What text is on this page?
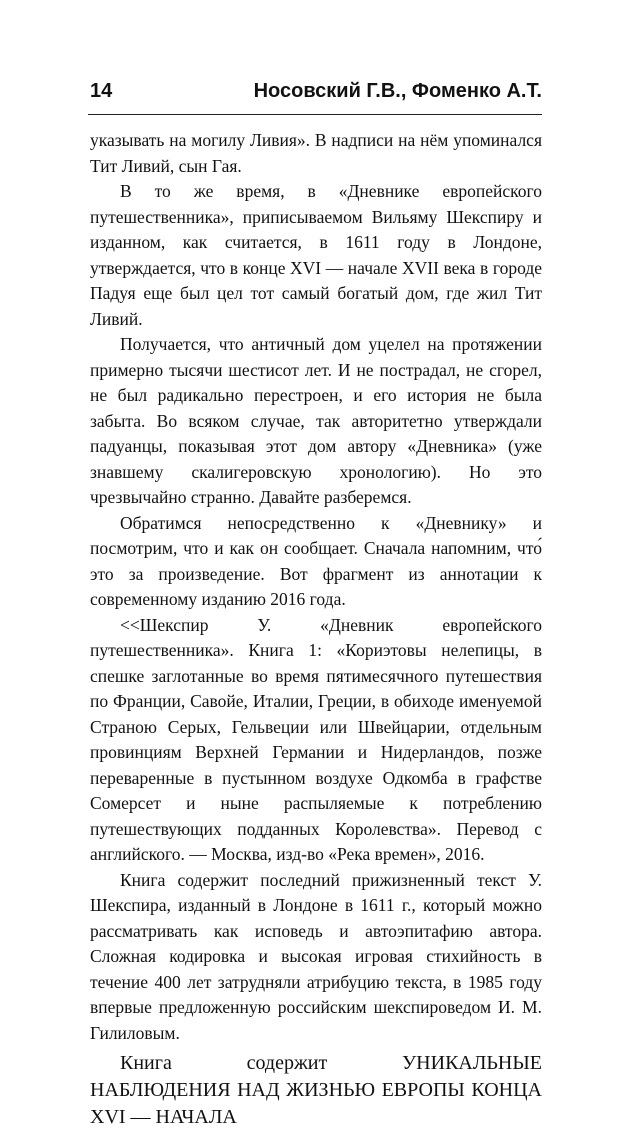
14	Носовский Г.В., Фоменко А.Т.

указывать на могилу Ливия». В надписи на нём упоминался Тит Ливий, сын Гая.

В то же время, в «Дневнике европейского путешественника», приписываемом Вильяму Шекспиру и изданном, как считается, в 1611 году в Лондоне, утверждается, что в конце XVI — начале XVII века в городе Падуя еще был цел тот самый богатый дом, где жил Тит Ливий.

Получается, что античный дом уцелел на протяжении примерно тысячи шестисот лет. И не пострадал, не сгорел, не был радикально перестроен, и его история не была забыта. Во всяком случае, так авторитетно утверждали падуанцы, показывая этот дом автору «Дневника» (уже знавшему скалигеровскую хронологию). Но это чрезвычайно странно. Давайте разберемся.

Обратимся непосредственно к «Дневнику» и посмотрим, что и как он сообщает. Сначала напомним, что́ это за произведение. Вот фрагмент из аннотации к современному изданию 2016 года.

<<Шекспир У. «Дневник европейского путешественника». Книга 1: «Кориэтовы нелепицы, в спешке заглотанные во время пятимесячного путешествия по Франции, Савойе, Италии, Греции, в обиходе именуемой Страною Серых, Гельвеции или Швейцарии, отдельным провинциям Верхней Германии и Нидерландов, позже переваренные в пустынном воздухе Одкомба в графстве Сомерсет и ныне распыляемые к потреблению путешествующих подданных Королевства». Перевод с английского. — Москва, изд-во «Река времен», 2016.

Книга содержит последний прижизненный текст У. Шекспира, изданный в Лондоне в 1611 г., который можно рассматривать как исповедь и автоэпитафию автора. Сложная кодировка и высокая игровая стихийность в течение 400 лет затрудняли атрибуцию текста, в 1985 году впервые предложенную российским шекспироведом И. М. Гилиловым.

Книга содержит УНИКАЛЬНЫЕ НАБЛЮДЕНИЯ НАД ЖИЗНЬЮ ЕВРОПЫ КОНЦА XVI — НАЧАЛА
